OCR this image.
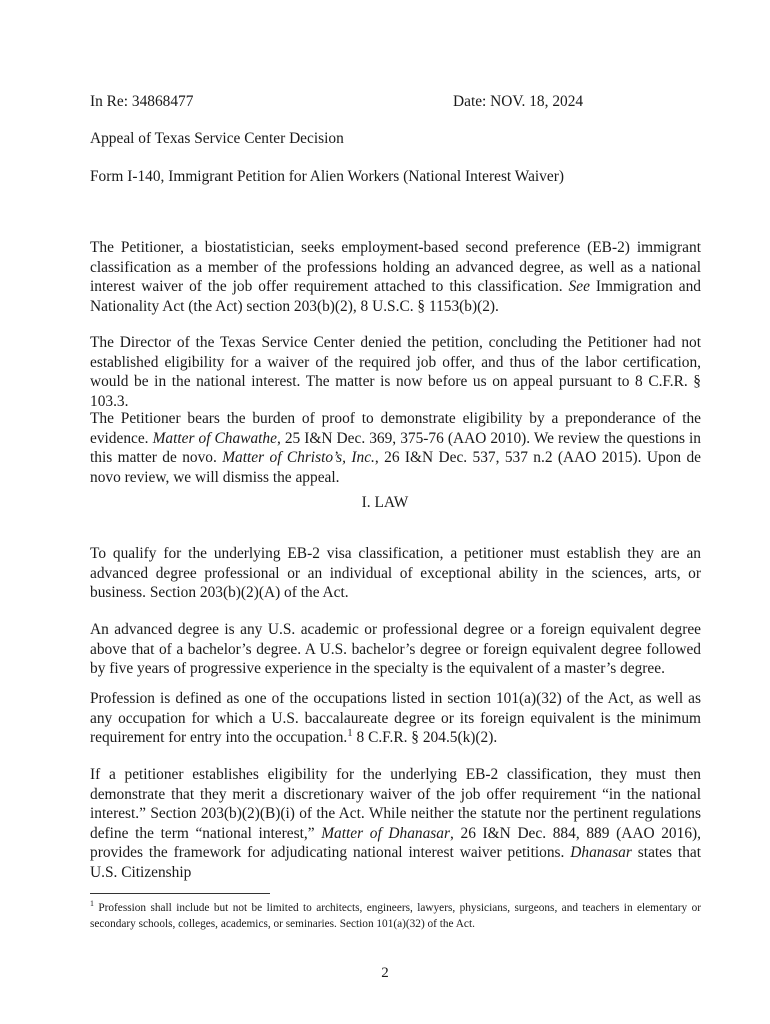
In Re: 34868477	Date: NOV. 18, 2024
Appeal of Texas Service Center Decision
Form I-140, Immigrant Petition for Alien Workers (National Interest Waiver)

The Petitioner, a biostatistician, seeks employment-based second preference (EB-2) immigrant classification as a member of the professions holding an advanced degree, as well as a national interest waiver of the job offer requirement attached to this classification. See Immigration and Nationality Act (the Act) section 203(b)(2), 8 U.S.C. § 1153(b)(2).

The Director of the Texas Service Center denied the petition, concluding the Petitioner had not established eligibility for a waiver of the required job offer, and thus of the labor certification, would be in the national interest. The matter is now before us on appeal pursuant to 8 C.F.R. § 103.3.

The Petitioner bears the burden of proof to demonstrate eligibility by a preponderance of the evidence. Matter of Chawathe, 25 I&N Dec. 369, 375-76 (AAO 2010). We review the questions in this matter de novo. Matter of Christo’s, Inc., 26 I&N Dec. 537, 537 n.2 (AAO 2015). Upon de novo review, we will dismiss the appeal.

I. LAW

To qualify for the underlying EB-2 visa classification, a petitioner must establish they are an advanced degree professional or an individual of exceptional ability in the sciences, arts, or business. Section 203(b)(2)(A) of the Act.

An advanced degree is any U.S. academic or professional degree or a foreign equivalent degree above that of a bachelor’s degree. A U.S. bachelor’s degree or foreign equivalent degree followed by five years of progressive experience in the specialty is the equivalent of a master’s degree.

Profession is defined as one of the occupations listed in section 101(a)(32) of the Act, as well as any occupation for which a U.S. baccalaureate degree or its foreign equivalent is the minimum requirement for entry into the occupation.$^1$ 8 C.F.R. § 204.5(k)(2).

If a petitioner establishes eligibility for the underlying EB-2 classification, they must then demonstrate that they merit a discretionary waiver of the job offer requirement “in the national interest.” Section 203(b)(2)(B)(i) of the Act. While neither the statute nor the pertinent regulations define the term “national interest,” Matter of Dhanasar, 26 I&N Dec. 884, 889 (AAO 2016), provides the framework for adjudicating national interest waiver petitions. Dhanasar states that U.S. Citizenship

$^1$ Profession shall include but not be limited to architects, engineers, lawyers, physicians, surgeons, and teachers in elementary or secondary schools, colleges, academics, or seminaries. Section 101(a)(32) of the Act.
2
